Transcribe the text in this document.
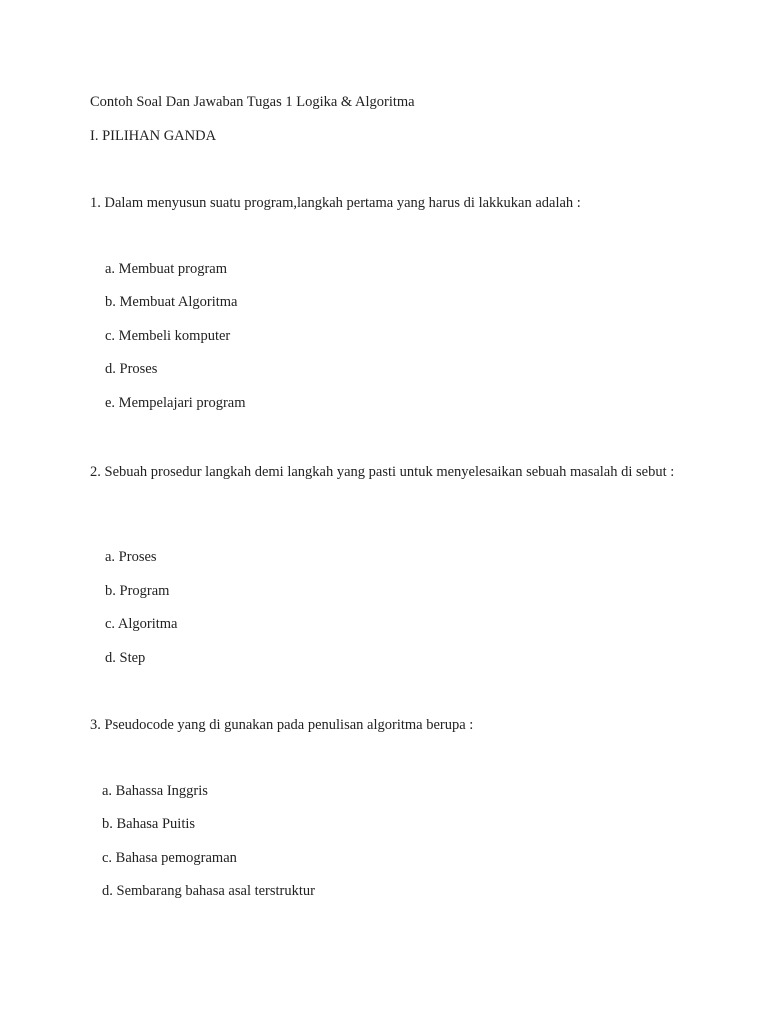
Contoh Soal Dan Jawaban Tugas 1 Logika & Algoritma
I. PILIHAN GANDA
1. Dalam menyusun suatu program,langkah pertama yang harus di lakkukan adalah :
a. Membuat program
b. Membuat Algoritma
c. Membeli komputer
d. Proses
e. Mempelajari program
2. Sebuah prosedur langkah demi langkah yang pasti untuk menyelesaikan sebuah masalah di sebut :
a. Proses
b. Program
c. Algoritma
d. Step
3. Pseudocode yang di gunakan pada penulisan algoritma berupa :
a. Bahassa Inggris
b. Bahasa Puitis
c. Bahasa pemograman
d. Sembarang bahasa asal terstruktur
